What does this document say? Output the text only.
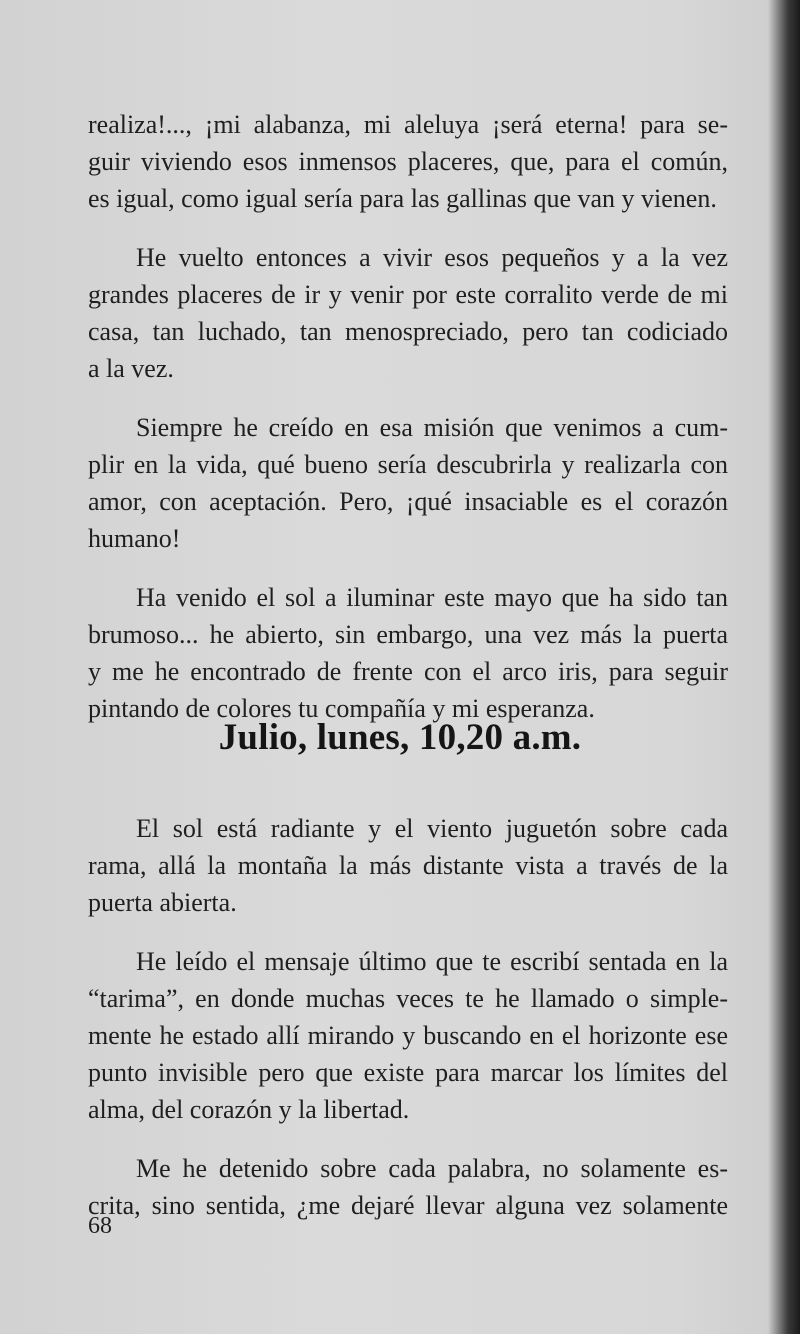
realiza!..., ¡mi alabanza, mi aleluya ¡será eterna! para se-
guir viviendo esos inmensos placeres, que, para el común,
es igual, como igual sería para las gallinas que van y vienen.
He vuelto entonces a vivir esos pequeños y a la vez
grandes placeres de ir y venir por este corralito verde de mi
casa, tan luchado, tan menospreciado, pero tan codiciado
a la vez.
Siempre he creído en esa misión que venimos a cum-
plir en la vida, qué bueno sería descubrirla y realizarla con
amor, con aceptación. Pero, ¡qué insaciable es el corazón
humano!
Ha venido el sol a iluminar este mayo que ha sido tan
brumoso... he abierto, sin embargo, una vez más la puerta
y me he encontrado de frente con el arco iris, para seguir
pintando de colores tu compañía y mi esperanza.
Julio, lunes, 10,20 a.m.
El sol está radiante y el viento juguetón sobre cada
rama, allá la montaña la más distante vista a través de la
puerta abierta.
He leído el mensaje último que te escribí sentada en la
“tarima”, en donde muchas veces te he llamado o simple-
mente he estado allí mirando y buscando en el horizonte ese
punto invisible pero que existe para marcar los límites del
alma, del corazón y la libertad.
Me he detenido sobre cada palabra, no solamente es-
crita, sino sentida, ¿me dejaré llevar alguna vez solamente
68
